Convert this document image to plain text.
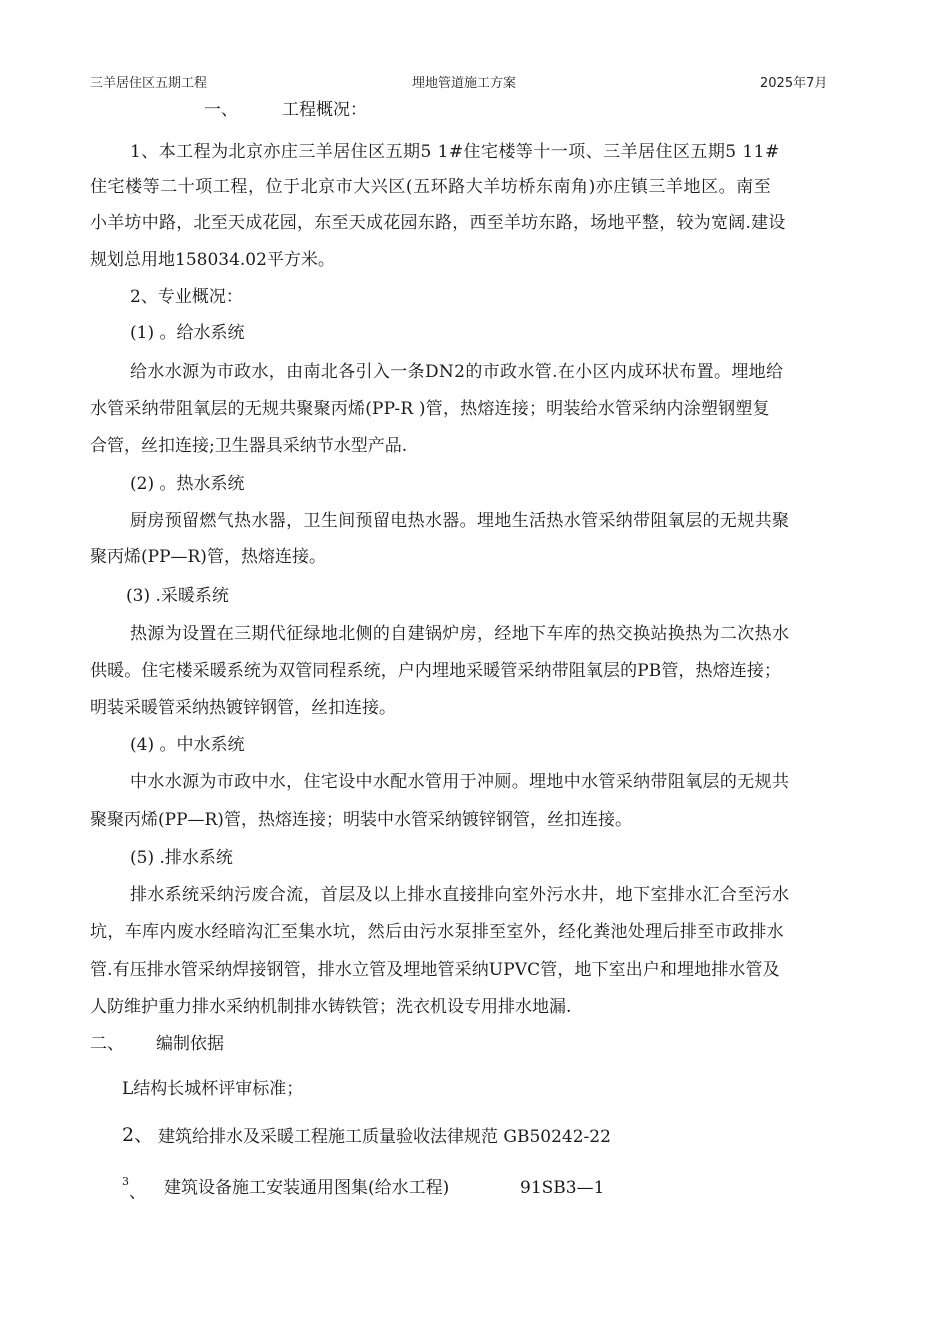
三羊居住区五期工程	埋地管道施工方案	2025年7月
一、	工程概况：
1、本工程为北京亦庄三羊居住区五期5 1#住宅楼等十一项、三羊居住区五期5 11#
住宅楼等二十项工程，位于北京市大兴区(五环路大羊坊桥东南角)亦庄镇三羊地区。南至
小羊坊中路，北至天成花园，东至天成花园东路，西至羊坊东路，场地平整，较为宽阔.建设
规划总用地158034.02平方米。
2、专业概况：
(1) 。给水系统
给水水源为市政水，由南北各引入一条DN2的市政水管.在小区内成环状布置。埋地给
水管采纳带阻氧层的无规共聚聚丙烯(PP-R )管，热熔连接；明装给水管采纳内涂塑钢塑复
合管，丝扣连接;卫生器具采纳节水型产品.
(2) 。热水系统
厨房预留燃气热水器，卫生间预留电热水器。埋地生活热水管采纳带阻氧层的无规共聚
聚丙烯(PP—R)管，热熔连接。
(3) .采暖系统
热源为设置在三期代征绿地北侧的自建锅炉房，经地下车库的热交换站换热为二次热水
供暖。住宅楼采暖系统为双管同程系统，户内埋地采暖管采纳带阻氧层的PB管，热熔连接；
明装采暖管采纳热镀锌钢管，丝扣连接。
(4) 。中水系统
中水水源为市政中水，住宅设中水配水管用于冲厕。埋地中水管采纳带阻氧层的无规共
聚聚丙烯(PP—R)管，热熔连接；明装中水管采纳镀锌钢管，丝扣连接。
(5) .排水系统
排水系统采纳污废合流，首层及以上排水直接排向室外污水井，地下室排水汇合至污水
坑，车库内废水经暗沟汇至集水坑，然后由污水泵排至室外，经化粪池处理后排至市政排水
管.有压排水管采纳焊接钢管，排水立管及埋地管采纳UPVC管，地下室出户和埋地排水管及
人防维护重力排水采纳机制排水铸铁管；洗衣机设专用排水地漏.
二、 编制依据
L结构长城杯评审标准；
2、 建筑给排水及采暖工程施工质量验收法律规范 GB50242-22
$^3$、 建筑设备施工安装通用图集(给水工程)	91SB3—1
